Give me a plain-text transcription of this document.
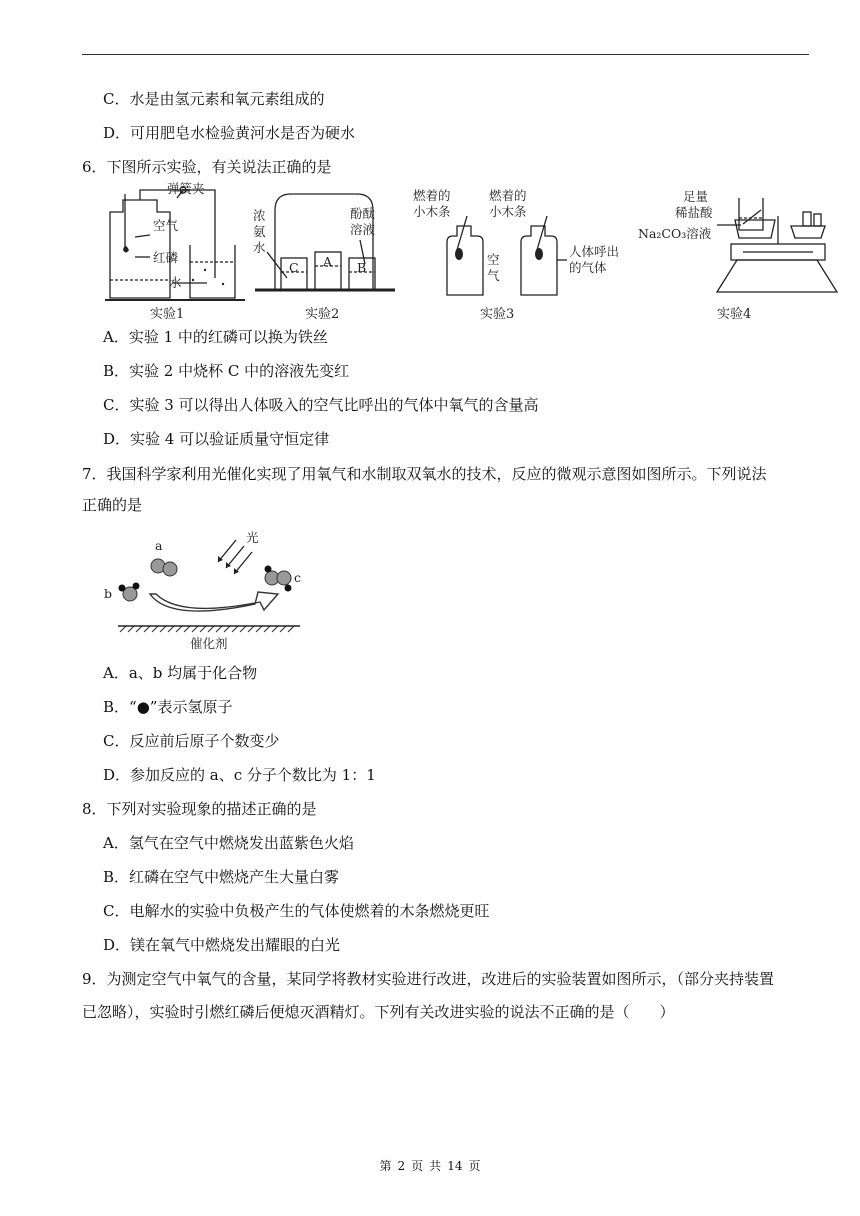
C．水是由氢元素和氧元素组成的
D．可用肥皂水检验黄河水是否为硬水
6．下图所示实验，有关说法正确的是
弹簧夹
空气
红磷
水
实验1
浓
氨
水
酚酞
溶液
C A B
实验2
燃着的
小木条
燃着的
小木条
空
气
人体呼出
的气体
实验3
足量
稀盐酸
Na₂CO₃溶液
实验4
A．实验 1 中的红磷可以换为铁丝
B．实验 2 中烧杯 C 中的溶液先变红
C．实验 3 可以得出人体吸入的空气比呼出的气体中氧气的含量高
D．实验 4 可以验证质量守恒定律
7．我国科学家利用光催化实现了用氧气和水制取双氧水的技术，反应的微观示意图如图所示。下列说法
正确的是
光
a
b
c
催化剂
A．a、b 均属于化合物
B．“●”表示氢原子
C．反应前后原子个数变少
D．参加反应的 a、c 分子个数比为 1：1
8．下列对实验现象的描述正确的是
A．氢气在空气中燃烧发出蓝紫色火焰
B．红磷在空气中燃烧产生大量白雾
C．电解水的实验中负极产生的气体使燃着的木条燃烧更旺
D．镁在氧气中燃烧发出耀眼的白光
9．为测定空气中氧气的含量，某同学将教材实验进行改进，改进后的实验装置如图所示，（部分夹持装置
已忽略），实验时引燃红磷后便熄灭酒精灯。下列有关改进实验的说法不正确的是（　　）
第 2 页 共 14 页
